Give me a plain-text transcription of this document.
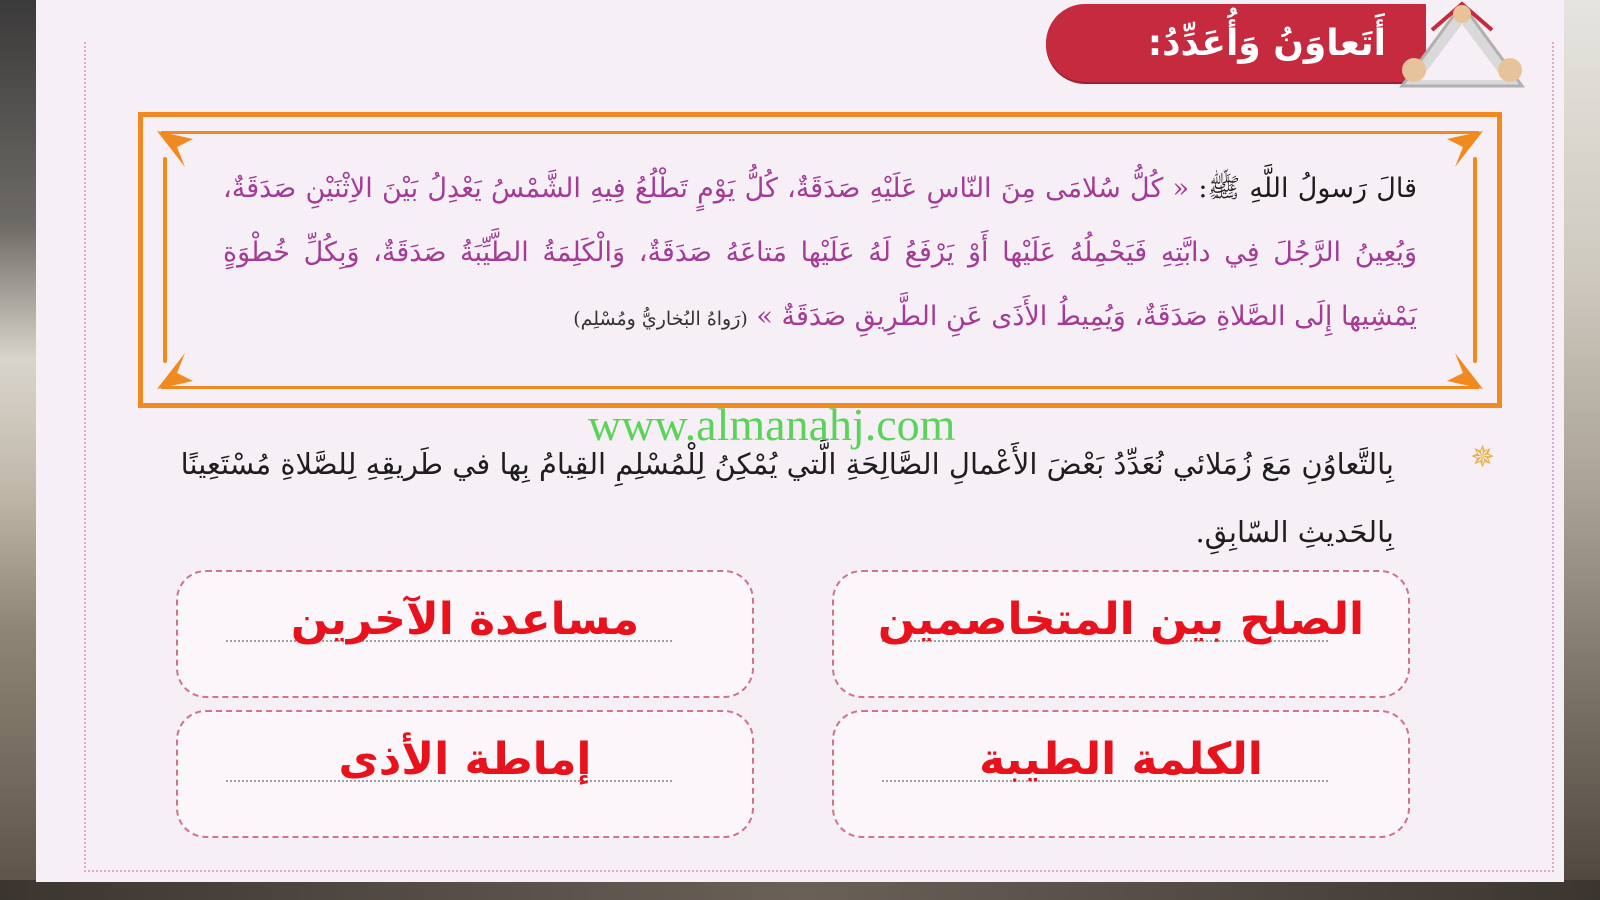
أَتَعاوَنُ وَأُعَدِّدُ:
قالَ رَسولُ اللَّهِ ﷺ: « كُلُّ سُلامَى مِنَ النّاسِ عَلَيْهِ صَدَقَةٌ، كُلُّ يَوْمٍ تَطْلُعُ فِيهِ الشَّمْسُ يَعْدِلُ بَيْنَ الاِثْنَيْنِ صَدَقَةٌ، وَيُعِينُ الرَّجُلَ فِي دابَّتِهِ فَيَحْمِلُهُ عَلَيْها أَوْ يَرْفَعُ لَهُ عَلَيْها مَتاعَهُ صَدَقَةٌ، وَالْكَلِمَةُ الطَّيِّبَةُ صَدَقَةٌ، وَبِكُلِّ خُطْوَةٍ يَمْشِيها إِلَى الصَّلاةِ صَدَقَةٌ، وَيُمِيطُ الأَذَى عَنِ الطَّرِيقِ صَدَقَةٌ » (رَواهُ البُخاريُّ ومُسْلِم)
✵
بِالتَّعاوُنِ مَعَ زُمَلائي نُعَدِّدُ بَعْضَ الأَعْمالِ الصَّالِحَةِ الَّتي يُمْكِنُ لِلْمُسْلِمِ القِيامُ بِها في طَريقِهِ لِلصَّلاةِ مُسْتَعِينًا بِالحَديثِ السّابِقِ.
الصلح بين المتخاصمين
مساعدة الآخرين
الكلمة الطيبة
إماطة الأذى
www.almanahj.com
